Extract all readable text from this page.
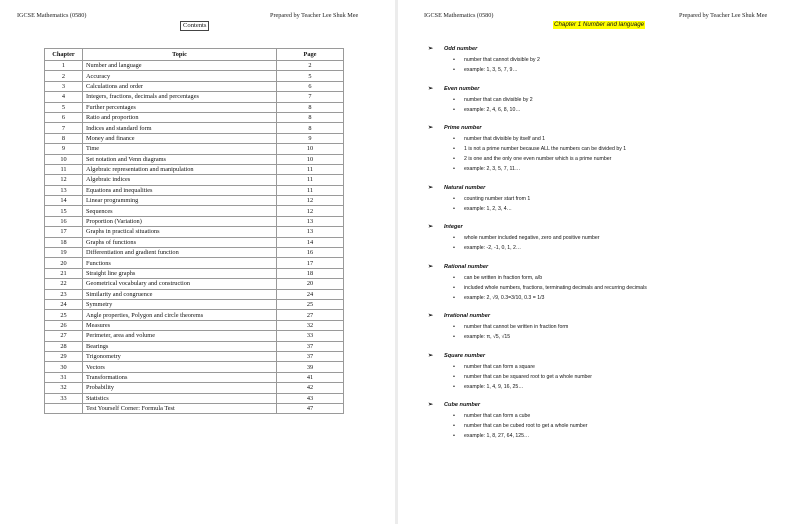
IGCSE Mathematics (0580)	Prepared by Teacher Lee Shuk Mee
Contents
Chapter	Topic	Page
1	Number and language	2
2	Accuracy	5
3	Calculations and order	6
4	Integers, fractions, decimals and percentages	7
5	Further percentages	8
6	Ratio and proportion	8
7	Indices and standard form	8
8	Money and finance	9
9	Time	10
10	Set notation and Venn diagrams	10
11	Algebraic representation and manipulation	11
12	Algebraic indices	11
13	Equations and inequalities	11
14	Linear programming	12
15	Sequences	12
16	Proportion (Variation)	13
17	Graphs in practical situations	13
18	Graphs of functions	14
19	Differentiation and gradient function	16
20	Functions	17
21	Straight line graphs	18
22	Geometrical vocabulary and construction	20
23	Similarity and congruence	24
24	Symmetry	25
25	Angle properties, Polygon and circle theorems	27
26	Measures	32
27	Perimeter, area and volume	33
28	Bearings	37
29	Trigonometry	37
30	Vectors	39
31	Transformations	41
32	Probability	42
33	Statistics	43
	Test Yourself Corner: Formula Test	47
IGCSE Mathematics (0580)	Prepared by Teacher Lee Shuk Mee
Chapter 1 Number and language
➢ Odd number
• number that cannot divisible by 2
• example: 1, 3, 5, 7, 9…
➢ Even number
• number that can divisible by 2
• example: 2, 4, 6, 8, 10…
➢ Prime number
• number that divisible by itself and 1
• 1 is not a prime number because ALL the numbers can be divided by 1
• 2 is one and the only one even number which is a prime number
• example: 2, 3, 5, 7, 11…
➢ Natural number
• counting number start from 1
• example: 1, 2, 3, 4…
➢ Integer
• whole number included negative, zero and positive number
• example: -2, -1, 0, 1, 2…
➢ Rational number
• can be written in fraction form, a/b
• included whole numbers, fractions, terminating decimals and recurring decimals
• example: 2, √9, 0.3=3/10, 0.3 = 1/3
➢ Irrational number
• number that cannot be written in fraction form
• example: π, √5, √15
➢ Square number
• number that can form a square
• number that can be squared root to get a whole number
• example: 1, 4, 9, 16, 25…
➢ Cube number
• number that can form a cube
• number that can be cubed root to get a whole number
• example: 1, 8, 27, 64, 125…
